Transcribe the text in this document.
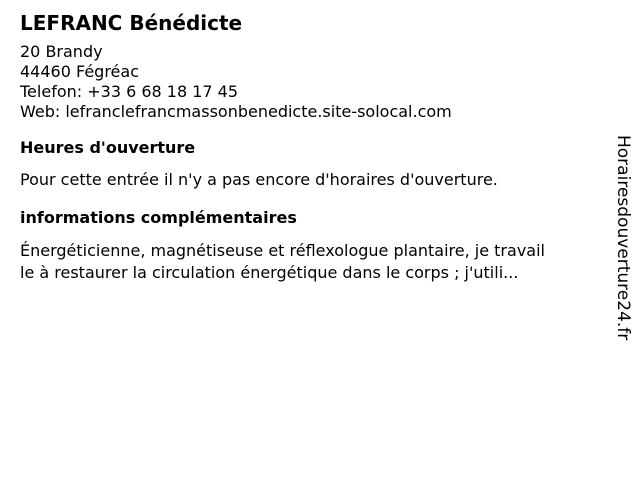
LEFRANC Bénédicte
20 Brandy
44460 Fégréac
Telefon: +33 6 68 18 17 45
Web: lefranclefrancmassonbenedicte.site-solocal.com
Heures d'ouverture
Pour cette entrée il n'y a pas encore d'horaires d'ouverture.
informations complémentaires
Énergéticienne, magnétiseuse et réflexologue plantaire, je travail
le à restaurer la circulation énergétique dans le corps ; j'utili...	Horairesdouverture24.fr
